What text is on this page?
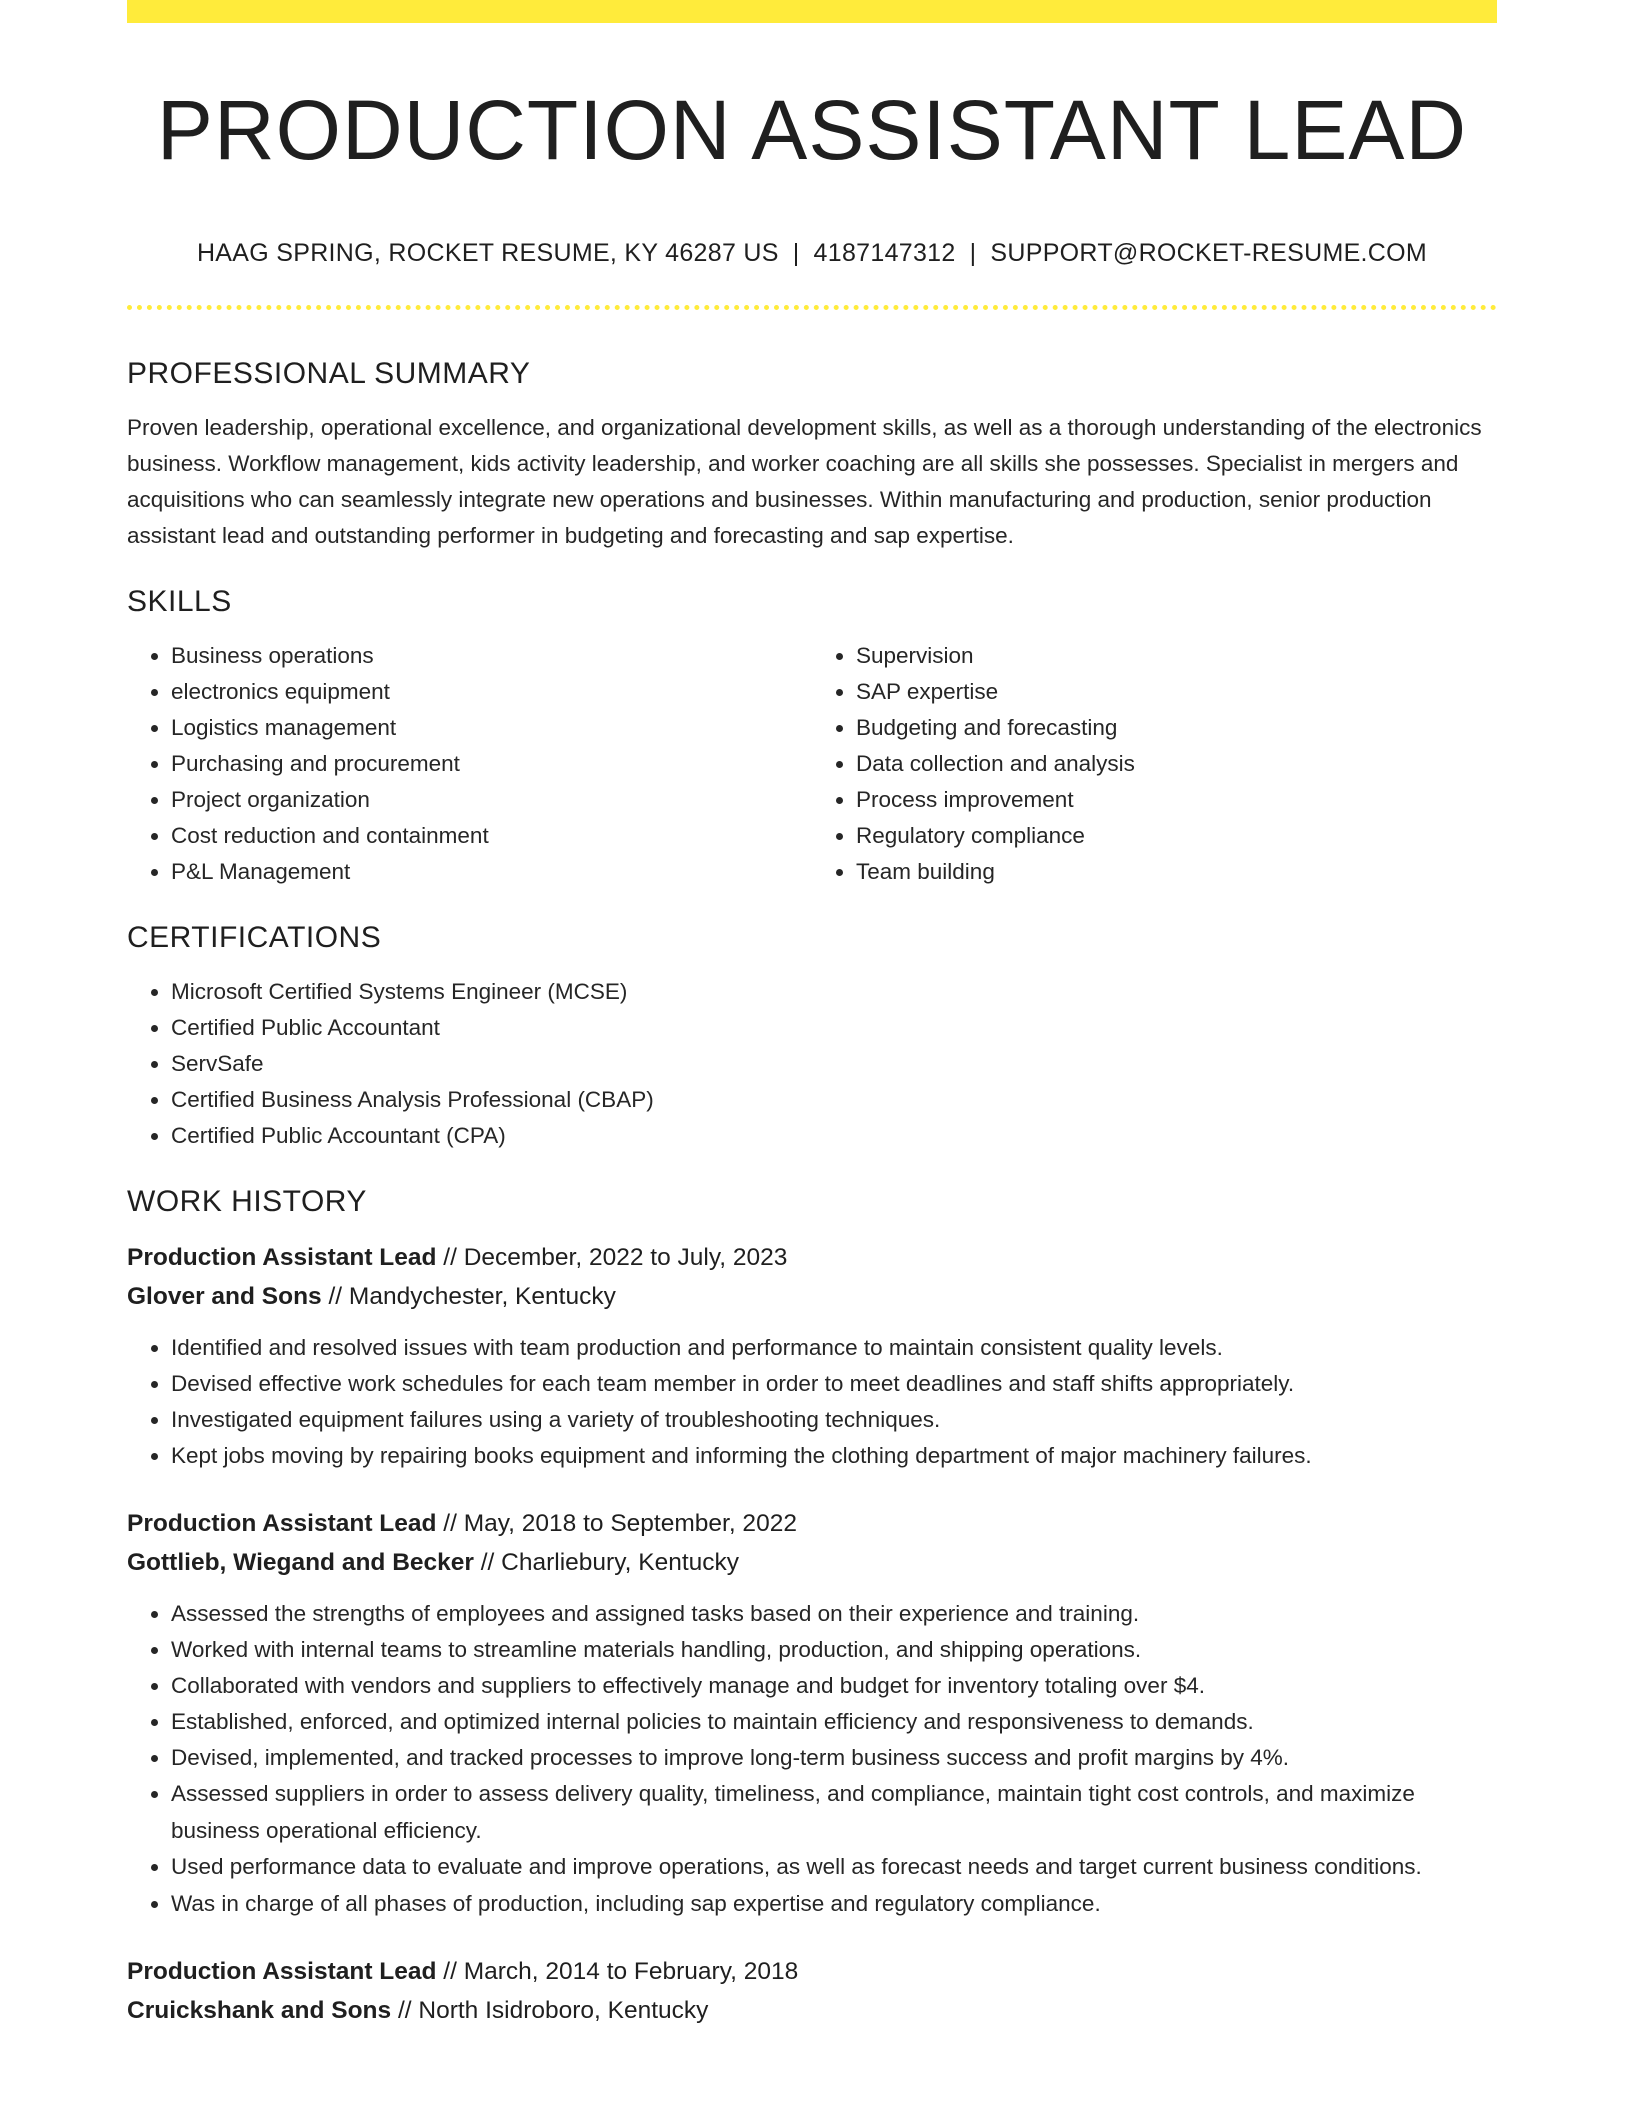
PRODUCTION ASSISTANT LEAD
HAAG SPRING, ROCKET RESUME, KY 46287 US | 4187147312 | SUPPORT@ROCKET-RESUME.COM
PROFESSIONAL SUMMARY

Proven leadership, operational excellence, and organizational development skills, as well as a thorough understanding of the electronics business. Workflow management, kids activity leadership, and worker coaching are all skills she possesses. Specialist in mergers and acquisitions who can seamlessly integrate new operations and businesses. Within manufacturing and production, senior production assistant lead and outstanding performer in budgeting and forecasting and sap expertise.

SKILLS
• Business operations
• electronics equipment
• Logistics management
• Purchasing and procurement
• Project organization
• Cost reduction and containment
• P&L Management
• Supervision
• SAP expertise
• Budgeting and forecasting
• Data collection and analysis
• Process improvement
• Regulatory compliance
• Team building
CERTIFICATIONS
• Microsoft Certified Systems Engineer (MCSE)
• Certified Public Accountant
• ServSafe
• Certified Business Analysis Professional (CBAP)
• Certified Public Accountant (CPA)
WORK HISTORY
Production Assistant Lead // December, 2022 to July, 2023
Glover and Sons // Mandychester, Kentucky
• Identified and resolved issues with team production and performance to maintain consistent quality levels.
• Devised effective work schedules for each team member in order to meet deadlines and staff shifts appropriately.
• Investigated equipment failures using a variety of troubleshooting techniques.
• Kept jobs moving by repairing books equipment and informing the clothing department of major machinery failures.
Production Assistant Lead // May, 2018 to September, 2022
Gottlieb, Wiegand and Becker // Charliebury, Kentucky
• Assessed the strengths of employees and assigned tasks based on their experience and training.
• Worked with internal teams to streamline materials handling, production, and shipping operations.
• Collaborated with vendors and suppliers to effectively manage and budget for inventory totaling over $4.
• Established, enforced, and optimized internal policies to maintain efficiency and responsiveness to demands.
• Devised, implemented, and tracked processes to improve long-term business success and profit margins by 4%.
• Assessed suppliers in order to assess delivery quality, timeliness, and compliance, maintain tight cost controls, and maximize business operational efficiency.
• Used performance data to evaluate and improve operations, as well as forecast needs and target current business conditions.
• Was in charge of all phases of production, including sap expertise and regulatory compliance.
Production Assistant Lead // March, 2014 to February, 2018
Cruickshank and Sons // North Isidroboro, Kentucky
